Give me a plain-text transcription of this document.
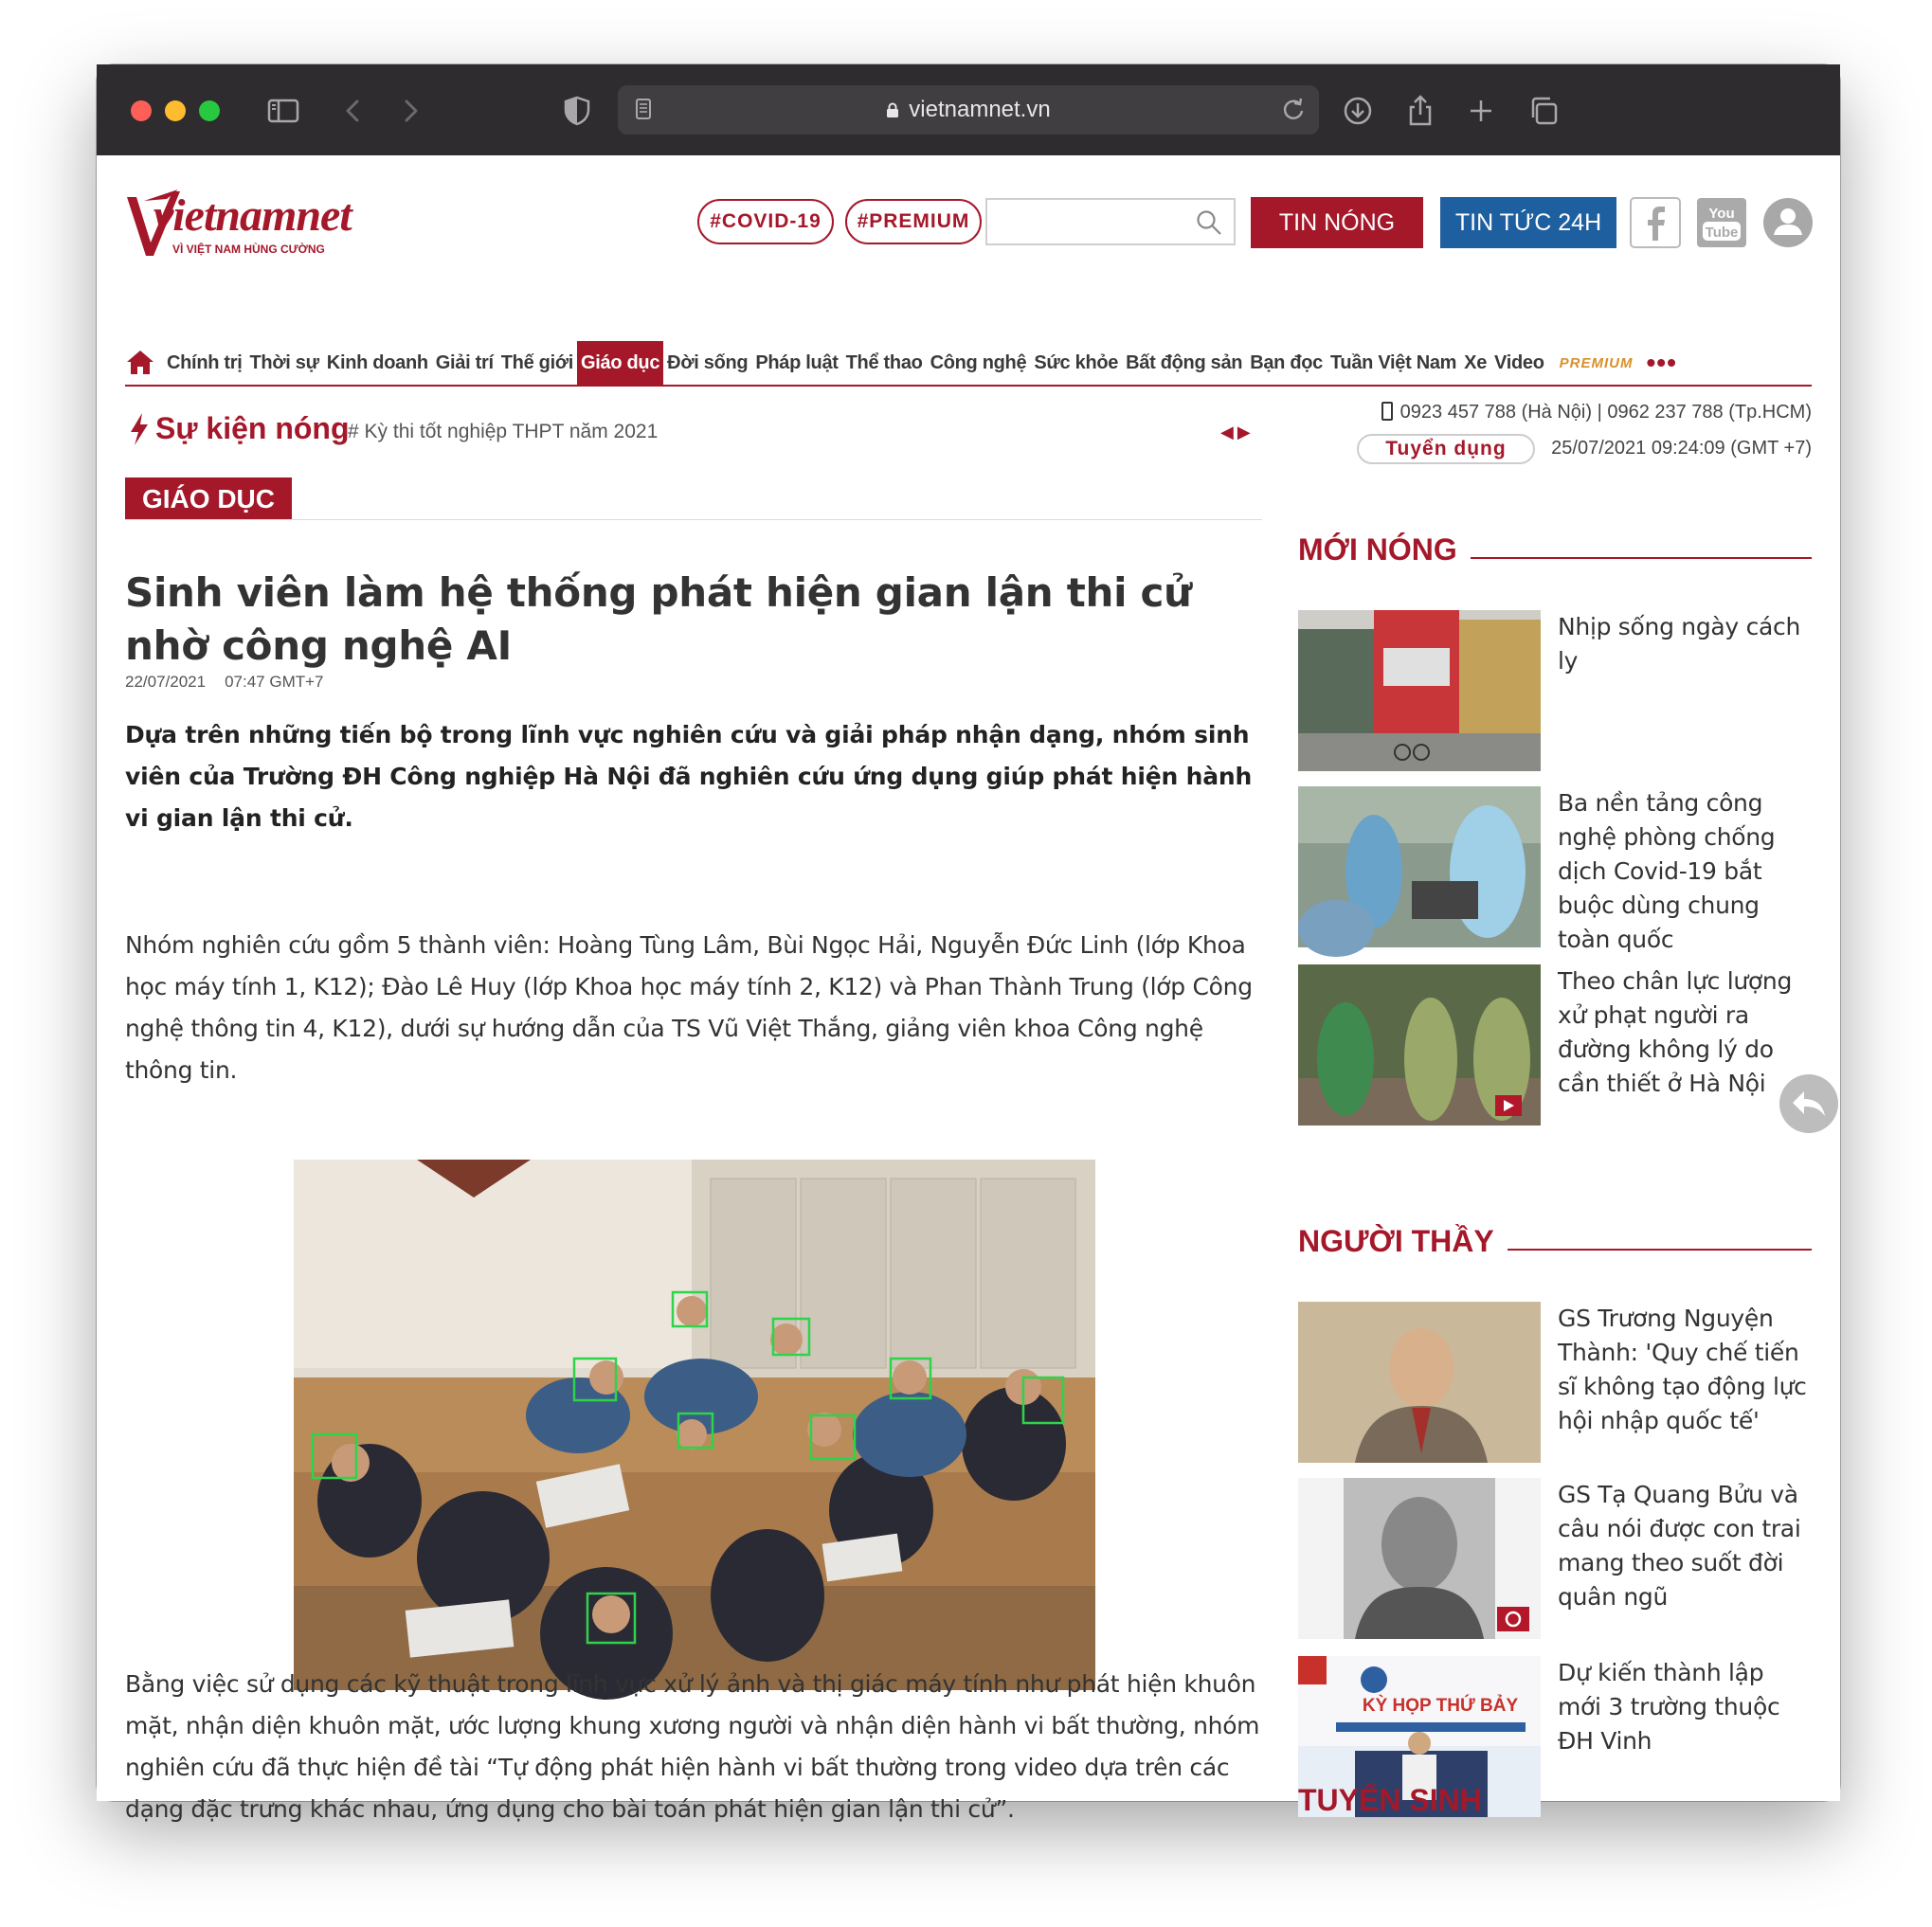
vietnamnet.vn
vietnamnet
VÌ VIỆT NAM HÙNG CƯỜNG
#COVID-19	#PREMIUM	TIN NÓNG	TIN TỨC 24H	You
Tube
Chính trị Thời sự Kinh doanh Giải trí Thế giới Giáo dục Đời sống Pháp luật Thể thao Công nghệ Sức khỏe Bất động sản Bạn đọc Tuần Việt Nam Xe Video PREMIUM •••
Sự kiện nóng
# Kỳ thi tốt nghiệp THPT năm 2021	◀▶
0923 457 788 (Hà Nội) | 0962 237 788 (Tp.HCM)
Tuyển dụng	25/07/2021 09:24:09 (GMT +7)
GIÁO DỤC
Sinh viên làm hệ thống phát hiện gian lận thi cử nhờ công nghệ AI
22/07/2021 07:47 GMT+7

Dựa trên những tiến bộ trong lĩnh vực nghiên cứu và giải pháp nhận dạng, nhóm sinh viên của Trường ĐH Công nghiệp Hà Nội đã nghiên cứu ứng dụng giúp phát hiện hành vi gian lận thi cử.

Nhóm nghiên cứu gồm 5 thành viên: Hoàng Tùng Lâm, Bùi Ngọc Hải, Nguyễn Đức Linh (lớp Khoa học máy tính 1, K12); Đào Lê Huy (lớp Khoa học máy tính 2, K12) và Phan Thành Trung (lớp Công nghệ thông tin 4, K12), dưới sự hướng dẫn của TS Vũ Việt Thắng, giảng viên khoa Công nghệ thông tin.

Bằng việc sử dụng các kỹ thuật trong lĩnh vực xử lý ảnh và thị giác máy tính như phát hiện khuôn mặt, nhận diện khuôn mặt, ước lượng khung xương người và nhận diện hành vi bất thường, nhóm nghiên cứu đã thực hiện đề tài “Tự động phát hiện hành vi bất thường trong video dựa trên các dạng đặc trưng khác nhau, ứng dụng cho bài toán phát hiện gian lận thi cử”.

MỚI NÓNG
Nhịp sống ngày cách ly
Ba nền tảng công nghệ phòng chống dịch Covid-19 bắt buộc dùng chung toàn quốc
Theo chân lực lượng xử phạt người ra đường không lý do cần thiết ở Hà Nội
NGƯỜI THẦY
GS Trương Nguyện Thành: 'Quy chế tiến sĩ không tạo động lực hội nhập quốc tế'
GS Tạ Quang Bửu và câu nói được con trai mang theo suốt đời quân ngũ
KỲ HỌP THỨ BẢY
Dự kiến thành lập mới 3 trường thuộc ĐH Vinh
TUYỂN SINH
